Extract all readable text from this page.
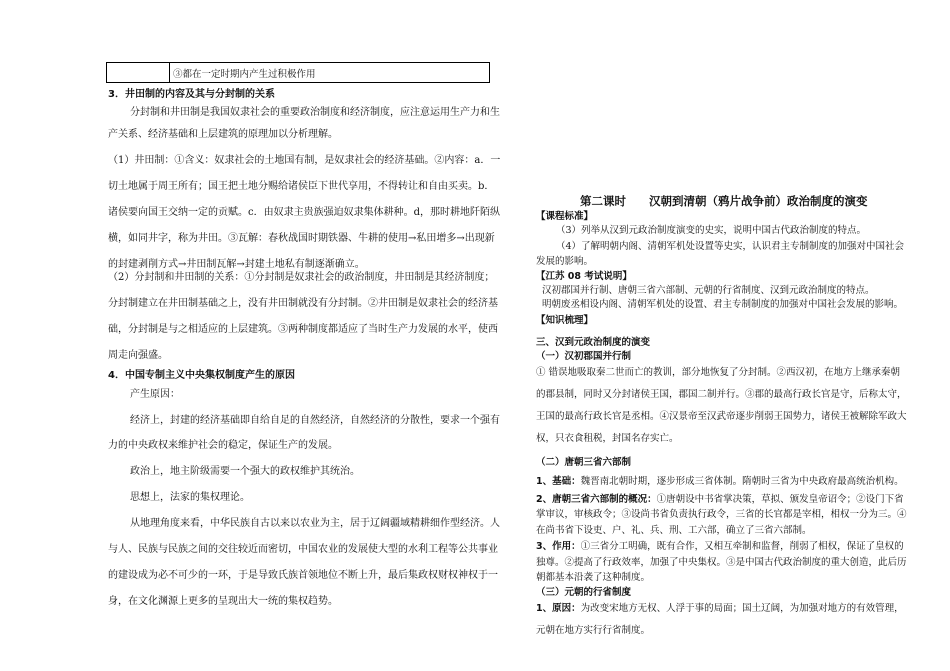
③都在一定时期内产生过积极作用
3．井田制的内容及其与分封制的关系
分封制和井田制是我国奴隶社会的重要政治制度和经济制度，应注意运用生产力和生
产关系、经济基础和上层建筑的原理加以分析理解。
（1）井田制：①含义：奴隶社会的土地国有制，是奴隶社会的经济基础。②内容：a．一
切土地属于周王所有；国王把土地分赐给诸侯臣下世代享用，不得转让和自由买卖。b．
诸侯要向国王交纳一定的贡赋。c．由奴隶主贵族强迫奴隶集体耕种。d，那时耕地阡陌纵
横，如同井字，称为井田。③瓦解：春秋战国时期铁器、牛耕的使用→私田增多→出现新
的封建剥削方式→井田制瓦解→封建土地私有制逐渐确立。
（2）分封制和井田制的关系：①分封制是奴隶社会的政治制度，井田制是其经济制度；
分封制建立在井田制基础之上，没有井田制就没有分封制。②井田制是奴隶社会的经济基
础，分封制是与之相适应的上层建筑。③两种制度都适应了当时生产力发展的水平，使西
周走向强盛。
4．中国专制主义中央集权制度产生的原因
产生原因：
经济上，封建的经济基础即自给自足的自然经济，自然经济的分散性，要求一个强有
力的中央政权来维护社会的稳定，保证生产的发展。
政治上，地主阶级需要一个强大的政权维护其统治。
思想上，法家的集权理论。
从地理角度来看，中华民族自古以来以农业为主，居于辽阔疆域精耕细作型经济。人
与人、民族与民族之间的交往较近而密切，中国农业的发展使大型的水利工程等公共事业
的建设成为必不可少的一环，于是导致氏族首领地位不断上升，最后集政权财权神权于一
身，在文化渊源上更多的呈现出大一统的集权趋势。
第二课时　　汉朝到清朝（鸦片战争前）政治制度的演变
【课程标准】
（3）列举从汉到元政治制度演变的史实，说明中国古代政治制度的特点。
（4）了解明朝内阁、清朝军机处设置等史实，认识君主专制制度的加强对中国社会
发展的影响。
【江苏 08 考试说明】
汉初郡国并行制、唐朝三省六部制、元朝的行省制度、汉到元政治制度的特点。
明朝废丞相设内阁、清朝军机处的设置、君主专制制度的加强对中国社会发展的影响。
【知识梳理】
三、汉到元政治制度的演变
（一）汉初郡国并行制
① 错误地吸取秦二世而亡的教训，部分地恢复了分封制。②西汉初，在地方上继承秦朝
的郡县制，同时又分封诸侯王国，郡国二制并行。③郡的最高行政长官是守，后称太守，
王国的最高行政长官是丞相。④汉景帝至汉武帝逐步削弱王国势力，诸侯王被解除军政大
权，只衣食租税，封国名存实亡。
（二）唐朝三省六部制
1、基础：魏晋南北朝时期，逐步形成三省体制。隋朝时三省为中央政府最高统治机构。
2、唐朝三省六部制的概况：①唐朝设中书省掌决策，草拟、颁发皇帝诏令；②设门下省
掌审议，审核政令；③设尚书省负责执行政令，三省的长官都是宰相，相权一分为三。④
在尚书省下设吏、户、礼、兵、刑、工六部，确立了三省六部制。
3、作用：①三省分工明确，既有合作，又相互牵制和监督，削弱了相权，保证了皇权的
独尊。②提高了行政效率，加强了中央集权。③是中国古代政治制度的重大创造，此后历
朝都基本沿袭了这种制度。
（三）元朝的行省制度
1、原因：为改变宋地方无权、人浮于事的局面；国土辽阔，为加强对地方的有效管理，
元朝在地方实行行省制度。
